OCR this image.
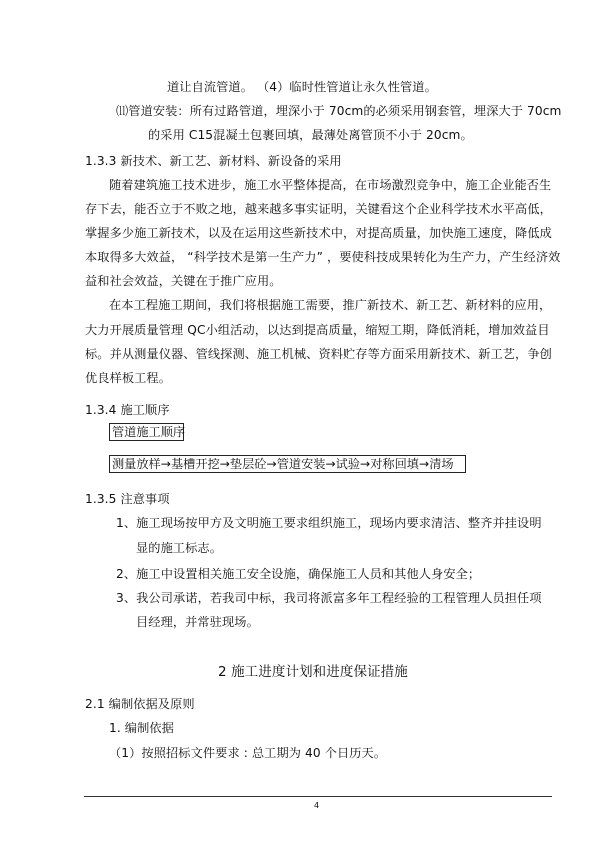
道让自流管道。 （4）临时性管道让永久性管道。
⑾管道安装：所有过路管道，埋深小于 70cm的必须采用钢套管，埋深大于 70cm
的采用 C15混凝土包裹回填，最薄处离管顶不小于 20cm。
1.3.3 新技术、新工艺、新材料、新设备的采用
随着建筑施工技术进步，施工水平整体提高，在市场激烈竞争中，施工企业能否生
存下去，能否立于不败之地，越来越多事实证明，关键看这个企业科学技术水平高低，
掌握多少施工新技术，以及在运用这些新技术中，对提高质量，加快施工速度，降低成
本取得多大效益， “科学技术是第一生产力” ，要使科技成果转化为生产力，产生经济效
益和社会效益，关键在于推广应用。
在本工程施工期间，我们将根据施工需要，推广新技术、新工艺、新材料的应用，
大力开展质量管理 QC小组活动，以达到提高质量，缩短工期，降低消耗，增加效益目
标。并从测量仪器、管线探测、施工机械、资料贮存等方面采用新技术、新工艺，争创
优良样板工程。
1.3.4 施工顺序
管道施工顺序
测量放样→基槽开挖→垫层砼→管道安装→试验→对称回填→清场
1.3.5 注意事项
1、施工现场按甲方及文明施工要求组织施工，现场内要求清洁、整齐并挂设明
显的施工标志。
2、施工中设置相关施工安全设施，确保施工人员和其他人身安全；
3、我公司承诺，若我司中标，我司将派富多年工程经验的工程管理人员担任项
目经理，并常驻现场。
2 施工进度计划和进度保证措施
2.1 编制依据及原则
1. 编制依据
（1）按照招标文件要求 : 总工期为 40 个日历天。
4
